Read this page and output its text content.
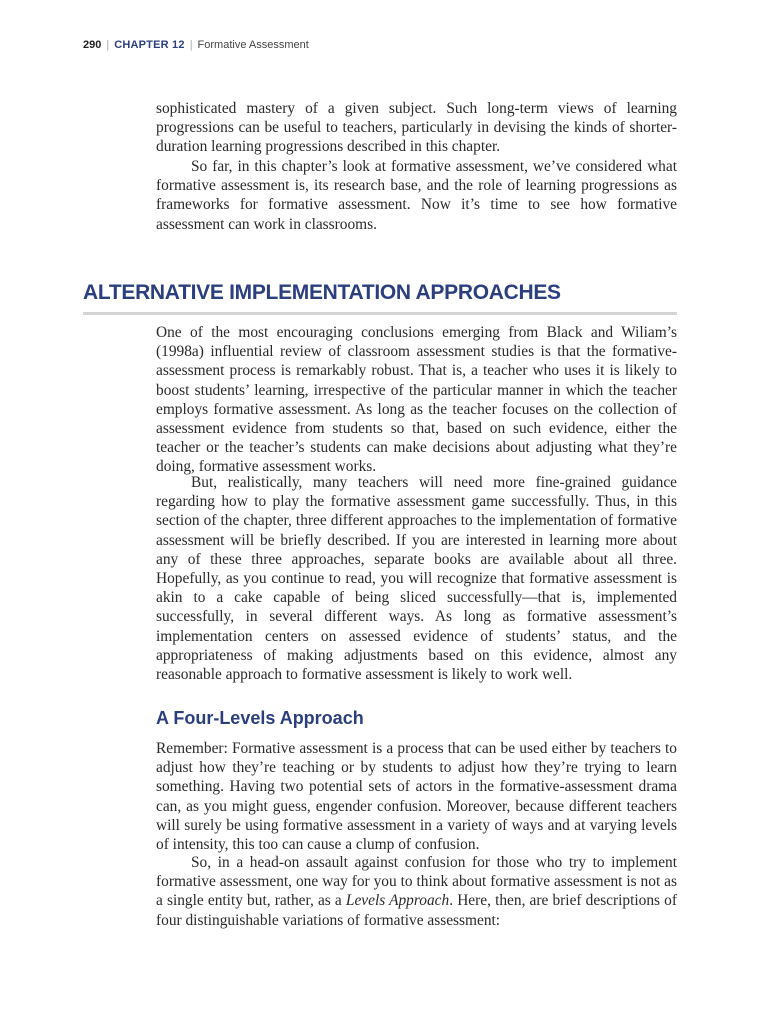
290 | CHAPTER 12 | Formative Assessment

sophisticated mastery of a given subject. Such long-term views of learning progressions can be useful to teachers, particularly in devising the kinds of shorter-duration learning progressions described in this chapter.

So far, in this chapter’s look at formative assessment, we’ve considered what formative assessment is, its research base, and the role of learning progressions as frameworks for formative assessment. Now it’s time to see how formative assessment can work in classrooms.

ALTERNATIVE IMPLEMENTATION APPROACHES

One of the most encouraging conclusions emerging from Black and Wiliam’s (1998a) influential review of classroom assessment studies is that the formative-assessment process is remarkably robust. That is, a teacher who uses it is likely to boost students’ learning, irrespective of the particular manner in which the teacher employs formative assessment. As long as the teacher focuses on the collection of assessment evidence from students so that, based on such evidence, either the teacher or the teacher’s students can make decisions about adjusting what they’re doing, formative assessment works.

But, realistically, many teachers will need more fine-grained guidance regarding how to play the formative assessment game successfully. Thus, in this section of the chapter, three different approaches to the implementation of formative assessment will be briefly described. If you are interested in learning more about any of these three approaches, separate books are available about all three. Hopefully, as you continue to read, you will recognize that formative assessment is akin to a cake capable of being sliced successfully—that is, implemented successfully, in several different ways. As long as formative assessment’s implementation centers on assessed evidence of students’ status, and the appropriateness of making adjustments based on this evidence, almost any reasonable approach to formative assessment is likely to work well.

A Four-Levels Approach

Remember: Formative assessment is a process that can be used either by teachers to adjust how they’re teaching or by students to adjust how they’re trying to learn something. Having two potential sets of actors in the formative-assessment drama can, as you might guess, engender confusion. Moreover, because different teachers will surely be using formative assessment in a variety of ways and at varying levels of intensity, this too can cause a clump of confusion.

So, in a head-on assault against confusion for those who try to implement formative assessment, one way for you to think about formative assessment is not as a single entity but, rather, as a Levels Approach. Here, then, are brief descriptions of four distinguishable variations of formative assessment:
